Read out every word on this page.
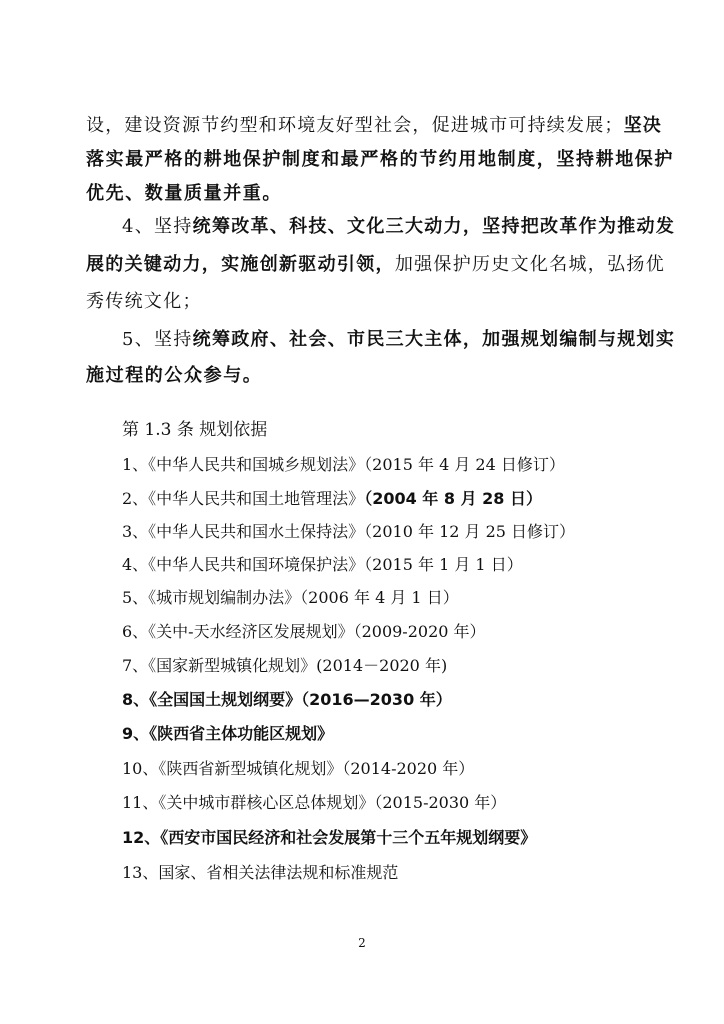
设，建设资源节约型和环境友好型社会，促进城市可持续发展；坚决
落实最严格的耕地保护制度和最严格的节约用地制度，坚持耕地保护
优先、数量质量并重。
4、坚持统筹改革、科技、文化三大动力，坚持把改革作为推动发
展的关键动力，实施创新驱动引领，加强保护历史文化名城，弘扬优
秀传统文化；
5、坚持统筹政府、社会、市民三大主体，加强规划编制与规划实
施过程的公众参与。
第 1.3 条 规划依据
1、《中华人民共和国城乡规划法》（2015 年 4 月 24 日修订）
2、《中华人民共和国土地管理法》（2004 年 8 月 28 日）
3、《中华人民共和国水土保持法》（2010 年 12 月 25 日修订）
4、《中华人民共和国环境保护法》（2015 年 1 月 1 日）
5、《城市规划编制办法》（2006 年 4 月 1 日）
6、《关中-天水经济区发展规划》（2009-2020 年）
7、《国家新型城镇化规划》(2014－2020 年)
8、《全国国土规划纲要》（2016—2030 年）
9、《陕西省主体功能区规划》
10、《陕西省新型城镇化规划》（2014-2020 年）
11、《关中城市群核心区总体规划》（2015-2030 年）
12、《西安市国民经济和社会发展第十三个五年规划纲要》
13、国家、省相关法律法规和标准规范
2
